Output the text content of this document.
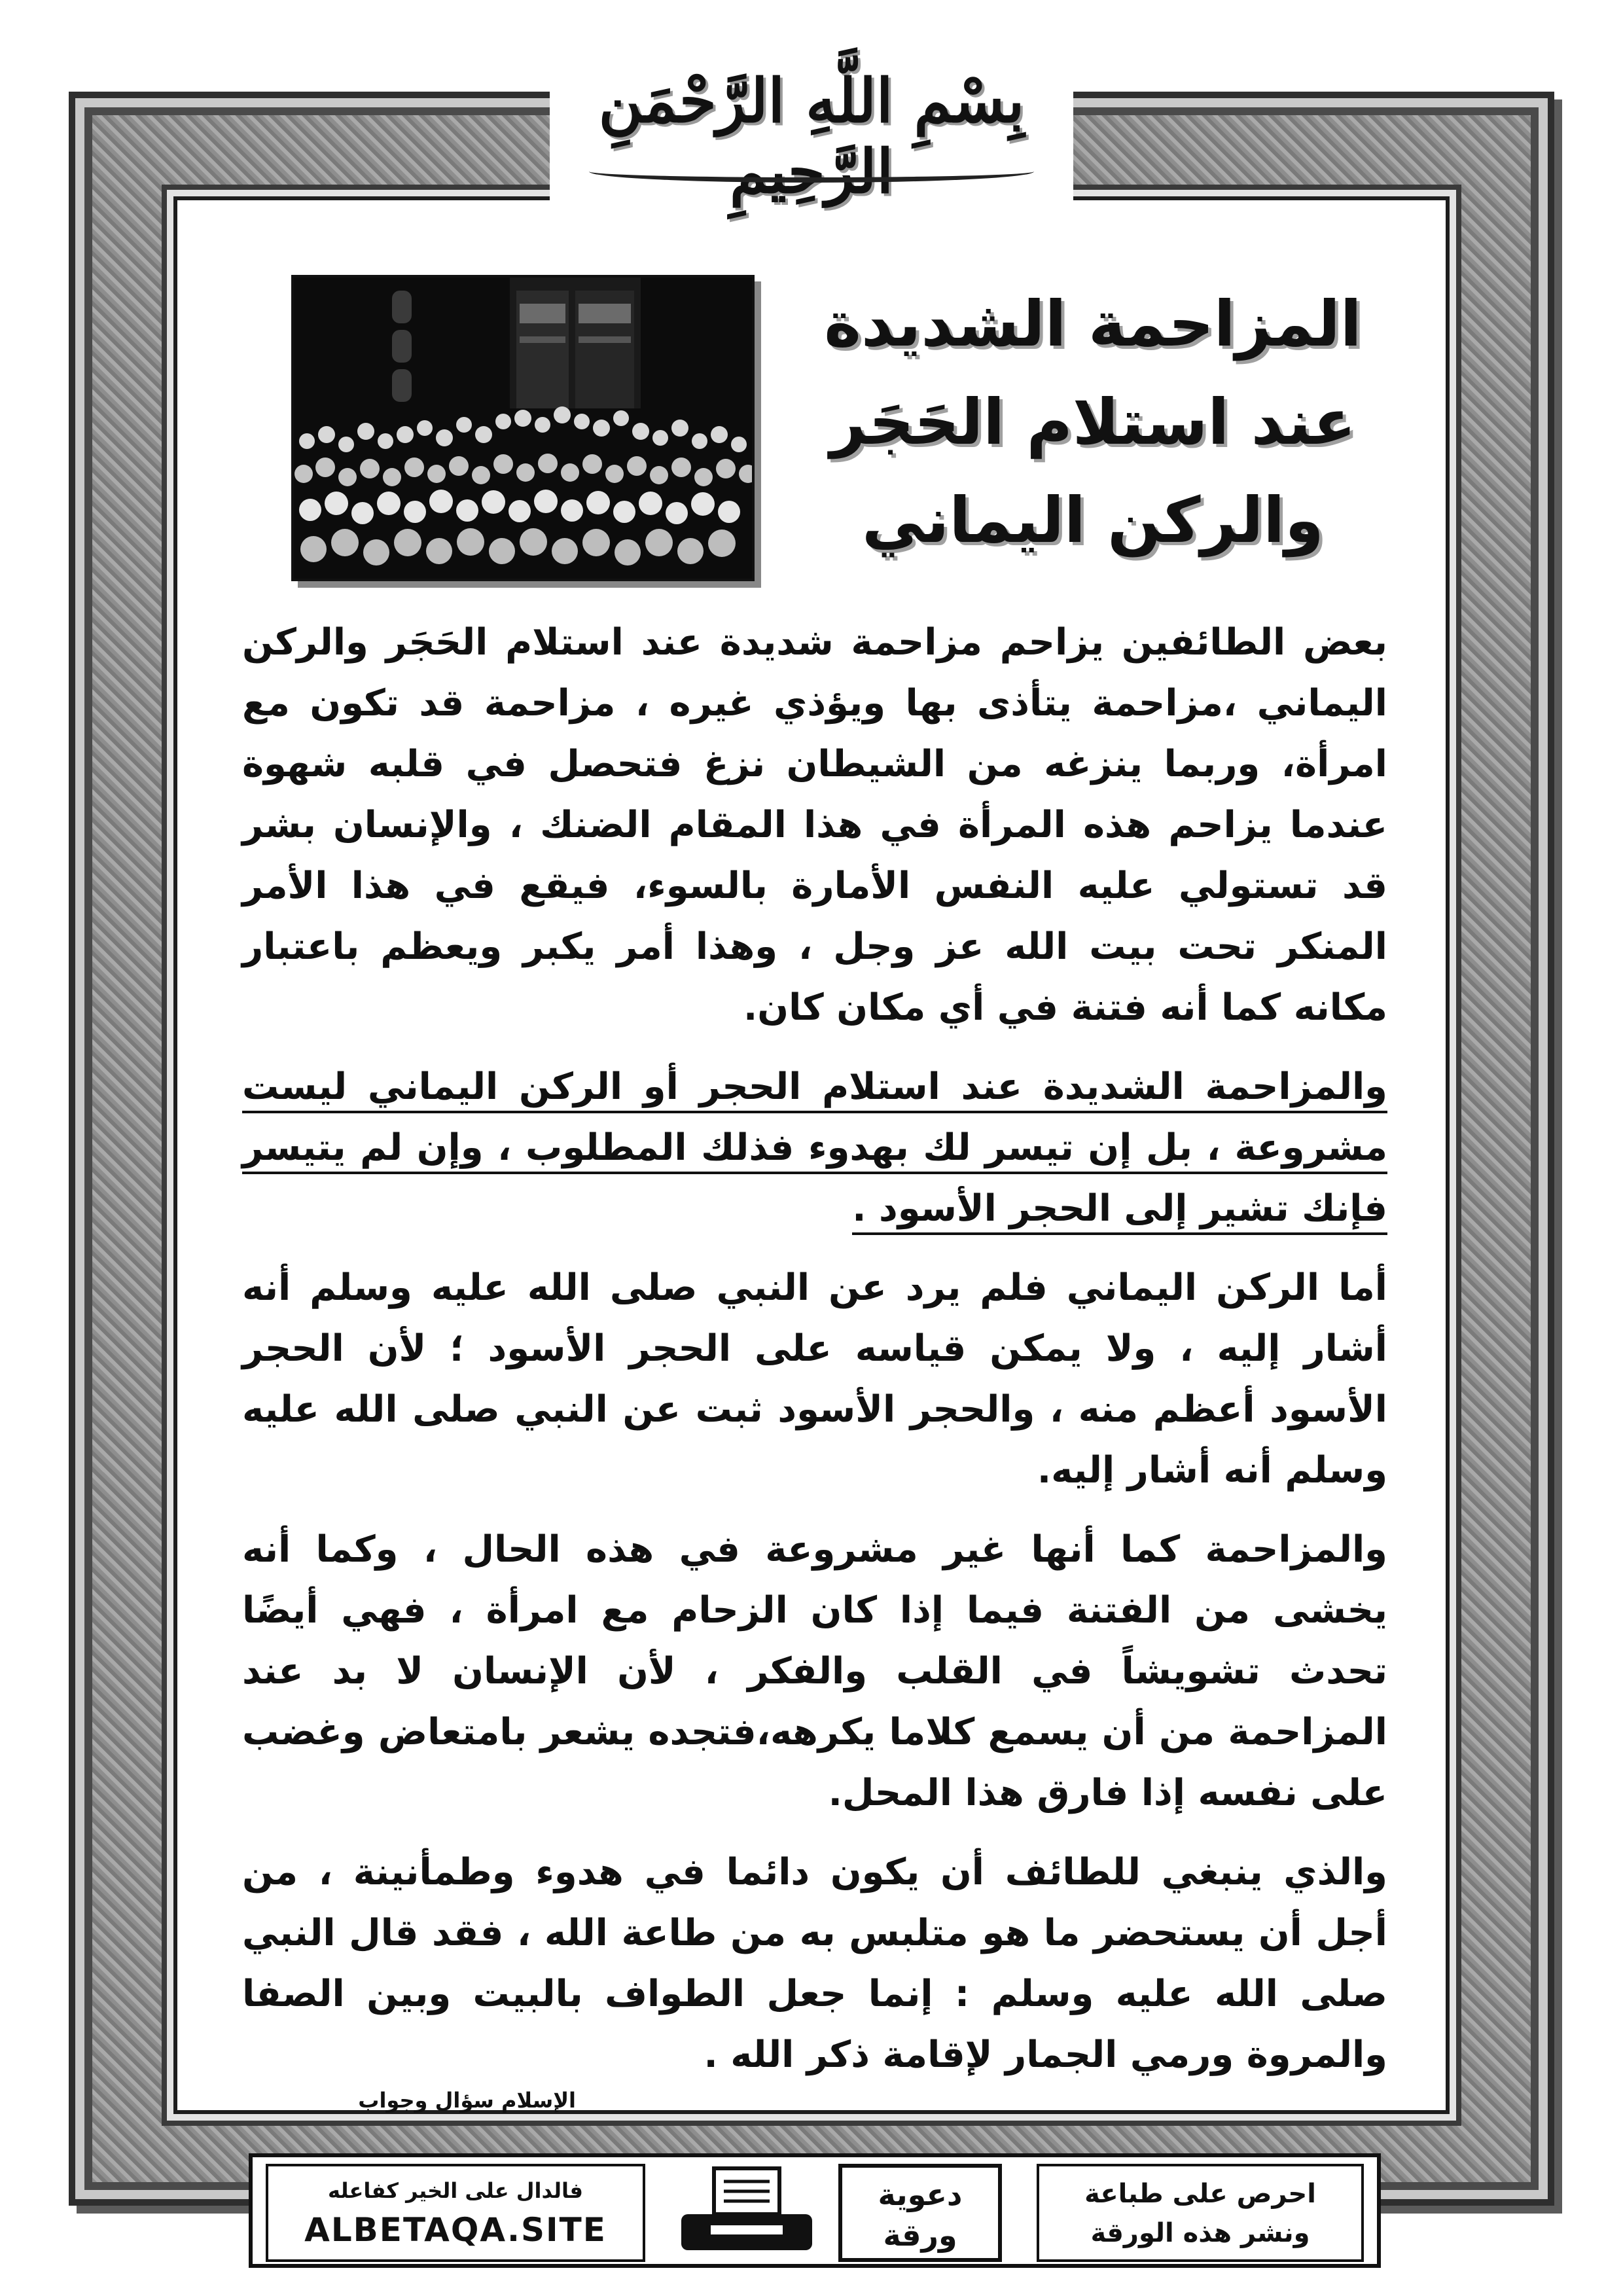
بِسْمِ اللَّهِ الرَّحْمَنِ الرَّحِيمِ
المزاحمة الشديدة
عند استلام الحَجَر
والركن اليماني

بعض الطائفين يزاحم مزاحمة شديدة عند استلام الحَجَر والركن اليماني ،مزاحمة يتأذى بها ويؤذي غيره ، مزاحمة قد تكون مع امرأة، وربما ينزغه من الشيطان نزغ فتحصل في قلبه شهوة عندما يزاحم هذه المرأة في هذا المقام الضنك ، والإنسان بشر قد تستولي عليه النفس الأمارة بالسوء، فيقع في هذا الأمر المنكر تحت بيت الله عز وجل ، وهذا أمر يكبر ويعظم باعتبار مكانه كما أنه فتنة في أي مكان كان.

والمزاحمة الشديدة عند استلام الحجر أو الركن اليماني ليست مشروعة ، بل إن تيسر لك بهدوء فذلك المطلوب ، وإن لم يتيسر فإنك تشير إلى الحجر الأسود .

أما الركن اليماني فلم يرد عن النبي صلى الله عليه وسلم أنه أشار إليه ، ولا يمكن قياسه على الحجر الأسود ؛ لأن الحجر الأسود أعظم منه ، والحجر الأسود ثبت عن النبي صلى الله عليه وسلم أنه أشار إليه.

والمزاحمة كما أنها غير مشروعة في هذه الحال ، وكما أنه يخشى من الفتنة فيما إذا كان الزحام مع امرأة ، فهي أيضًا تحدث تشويشاً في القلب والفكر ، لأن الإنسان لا بد عند المزاحمة من أن يسمع كلاما يكرهه،فتجده يشعر بامتعاض وغضب على نفسه إذا فارق هذا المحل.

والذي ينبغي للطائف أن يكون دائما في هدوء وطمأنينة ، من أجل أن يستحضر ما هو متلبس به من طاعة الله ، فقد قال النبي صلى الله عليه وسلم : إنما جعل الطواف بالبيت وبين الصفا والمروة ورمي الجمار لإقامة ذكر الله .

الإسلام سؤال وجواب
احرص على طباعة
ونشر هذه الورقة
دعوية
ورقة
فالدال على الخير كفاعله
ALBETAQA.SITE
